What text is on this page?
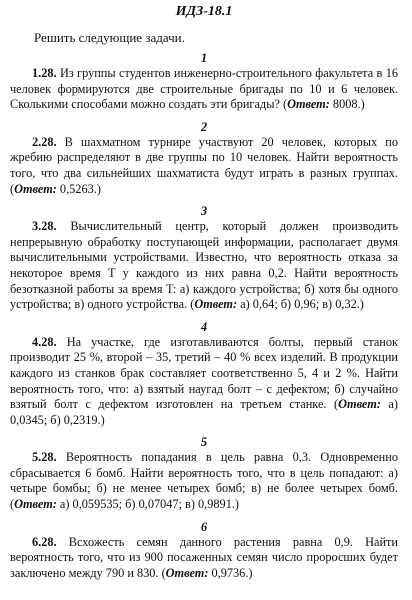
ИДЗ-18.1

Решить следующие задачи.

1

1.28. Из группы студентов инженерно-строительного факультета в 16 человек формируются две строительные бригады по 10 и 6 человек. Сколькими способами можно создать эти бригады? (Ответ: 8008.)

2

2.28. В шахматном турнире участвуют 20 человек, которых по жребию распределяют в две группы по 10 человек. Найти вероятность того, что два сильнейших шахматиста будут играть в разных группах. (Ответ: 0,5263.)

3

3.28. Вычислительный центр, который должен производить непрерывную обработку поступающей информации, располагает двумя вычислительными устройствами. Известно, что вероятность отказа за некоторое время T у каждого из них равна 0,2. Найти вероятность безотказной работы за время T: а) каждого устройства; б) хотя бы одного устройства; в) одного устройства. (Ответ: а) 0,64; б) 0,96; в) 0,32.)

4

4.28. На участке, где изготавливаются болты, первый станок производит 25 %, второй – 35, третий – 40 % всех изделий. В продукции каждого из станков брак составляет соответственно 5, 4 и 2 %. Найти вероятность того, что: а) взятый наугад болт – с дефектом; б) случайно взятый болт с дефектом изготовлен на третьем станке. (Ответ: а) 0,0345; б) 0,2319.)

5

5.28. Вероятность попадания в цель равна 0,3. Одновременно сбрасывается 6 бомб. Найти вероятность того, что в цель попадают: а) четыре бомбы; б) не менее четырех бомб; в) не более четырех бомб. (Ответ: а) 0,059535; б) 0,07047; в) 0,9891.)

6

6.28. Всхожесть семян данного растения равна 0,9. Найти вероятность того, что из 900 посаженных семян число проросших будет заключено между 790 и 830. (Ответ: 0,9736.)
